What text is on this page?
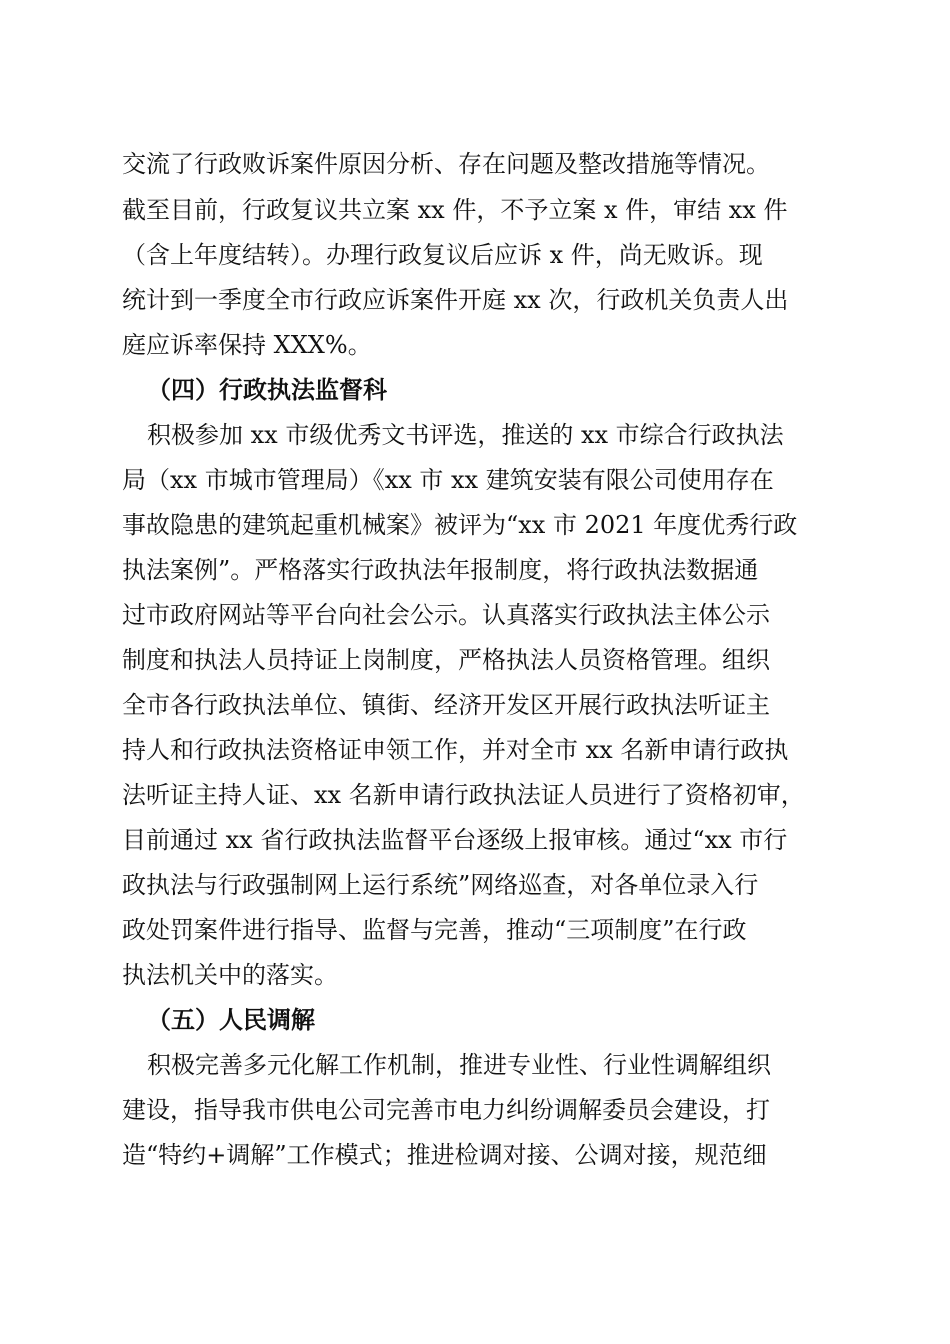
交流了行政败诉案件原因分析、存在问题及整改措施等情况。
截至目前，行政复议共立案 xx 件，不予立案 x 件，审结 xx 件
（含上年度结转）。办理行政复议后应诉 x 件，尚无败诉。现
统计到一季度全市行政应诉案件开庭 xx 次，行政机关负责人出
庭应诉率保持 XXX%。
（四）行政执法监督科
积极参加 xx 市级优秀文书评选，推送的 xx 市综合行政执法
局（xx 市城市管理局）《xx 市 xx 建筑安装有限公司使用存在
事故隐患的建筑起重机械案》被评为“xx 市 2021 年度优秀行政
执法案例”。严格落实行政执法年报制度，将行政执法数据通
过市政府网站等平台向社会公示。认真落实行政执法主体公示
制度和执法人员持证上岗制度，严格执法人员资格管理。组织
全市各行政执法单位、镇街、经济开发区开展行政执法听证主
持人和行政执法资格证申领工作，并对全市 xx 名新申请行政执
法听证主持人证、xx 名新申请行政执法证人员进行了资格初审，
目前通过 xx 省行政执法监督平台逐级上报审核。通过“xx 市行
政执法与行政强制网上运行系统”网络巡查，对各单位录入行
政处罚案件进行指导、监督与完善，推动“三项制度”在行政
执法机关中的落实。
（五）人民调解
积极完善多元化解工作机制，推进专业性、行业性调解组织
建设，指导我市供电公司完善市电力纠纷调解委员会建设，打
造“特约+调解”工作模式；推进检调对接、公调对接，规范细
